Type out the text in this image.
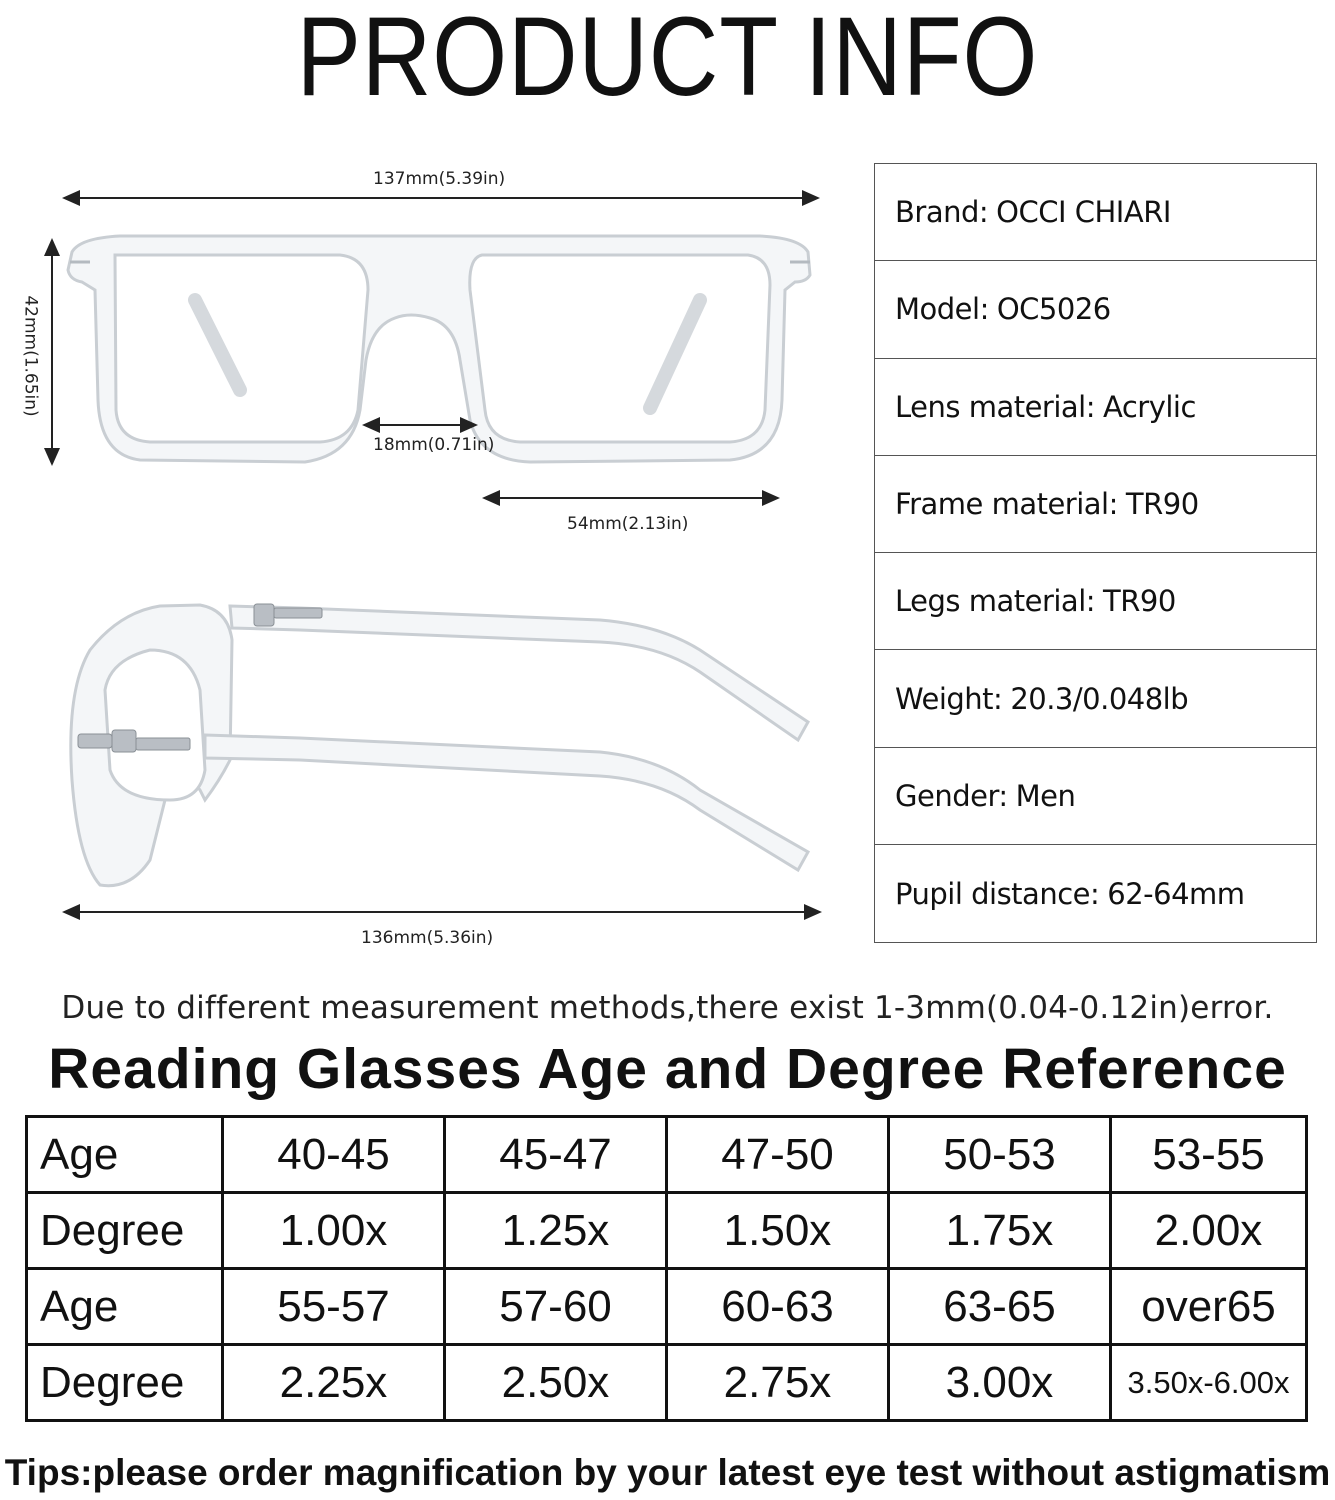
PRODUCT INFO
137mm(5.39in)
42mm(1.65in)
18mm(0.71in)
54mm(2.13in)
136mm(5.36in)
Brand: OCCI CHIARI
Model: OC5026
Lens material: Acrylic
Frame material: TR90
Legs material: TR90
Weight: 20.3/0.048lb
Gender: Men
Pupil distance: 62-64mm
Due to different measurement methods,there exist 1-3mm(0.04-0.12in)error.
Reading Glasses Age and Degree Reference
Age	40-45	45-47	47-50	50-53	53-55
Degree	1.00x	1.25x	1.50x	1.75x	2.00x
Age	55-57	57-60	60-63	63-65	over65
Degree	2.25x	2.50x	2.75x	3.00x	3.50x-6.00x
Tips:please order magnification by your latest eye test without astigmatism
